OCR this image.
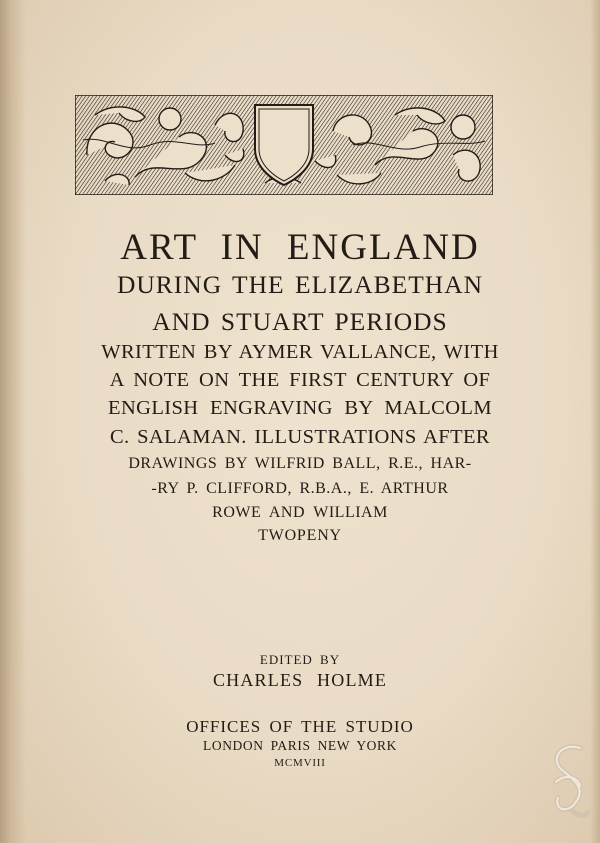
ART IN ENGLAND

DURING THE ELIZABETHAN

AND STUART PERIODS

WRITTEN BY AYMER VALLANCE, WITH

A NOTE ON THE FIRST CENTURY OF

ENGLISH ENGRAVING BY MALCOLM

C. SALAMAN. ILLUSTRATIONS AFTER

DRAWINGS BY WILFRID BALL, R.E., HAR-

-RY P. CLIFFORD, R.B.A., E. ARTHUR

ROWE AND WILLIAM

TWOPENY

EDITED BY

CHARLES HOLME

OFFICES OF THE STUDIO

LONDON PARIS NEW YORK

MCMVIII
